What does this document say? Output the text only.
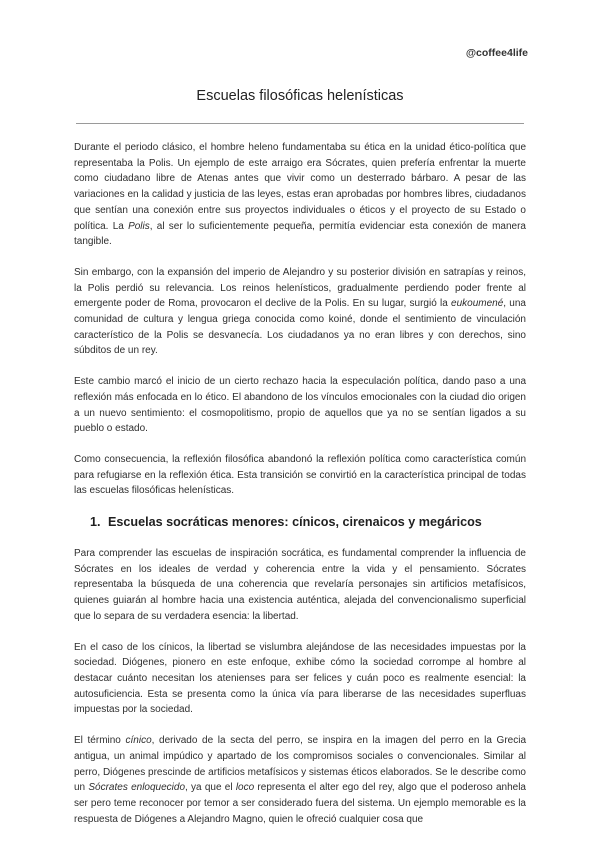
@coffee4life
Escuelas filosóficas helenísticas

Durante el periodo clásico, el hombre heleno fundamentaba su ética en la unidad ético-política que representaba la Polis. Un ejemplo de este arraigo era Sócrates, quien prefería enfrentar la muerte como ciudadano libre de Atenas antes que vivir como un desterrado bárbaro. A pesar de las variaciones en la calidad y justicia de las leyes, estas eran aprobadas por hombres libres, ciudadanos que sentían una conexión entre sus proyectos individuales o éticos y el proyecto de su Estado o política. La Polis, al ser lo suficientemente pequeña, permitía evidenciar esta conexión de manera tangible.

Sin embargo, con la expansión del imperio de Alejandro y su posterior división en satrapías y reinos, la Polis perdió su relevancia. Los reinos helenísticos, gradualmente perdiendo poder frente al emergente poder de Roma, provocaron el declive de la Polis. En su lugar, surgió la eukoumené, una comunidad de cultura y lengua griega conocida como koiné, donde el sentimiento de vinculación característico de la Polis se desvanecía. Los ciudadanos ya no eran libres y con derechos, sino súbditos de un rey.

Este cambio marcó el inicio de un cierto rechazo hacia la especulación política, dando paso a una reflexión más enfocada en lo ético. El abandono de los vínculos emocionales con la ciudad dio origen a un nuevo sentimiento: el cosmopolitismo, propio de aquellos que ya no se sentían ligados a su pueblo o estado.

Como consecuencia, la reflexión filosófica abandonó la reflexión política como característica común para refugiarse en la reflexión ética. Esta transición se convirtió en la característica principal de todas las escuelas filosóficas helenísticas.

1. Escuelas socráticas menores: cínicos, cirenaicos y megáricos

Para comprender las escuelas de inspiración socrática, es fundamental comprender la influencia de Sócrates en los ideales de verdad y coherencia entre la vida y el pensamiento. Sócrates representaba la búsqueda de una coherencia que revelaría personajes sin artificios metafísicos, quienes guiarán al hombre hacia una existencia auténtica, alejada del convencionalismo superficial que lo separa de su verdadera esencia: la libertad.

En el caso de los cínicos, la libertad se vislumbra alejándose de las necesidades impuestas por la sociedad. Diógenes, pionero en este enfoque, exhibe cómo la sociedad corrompe al hombre al destacar cuánto necesitan los atenienses para ser felices y cuán poco es realmente esencial: la autosuficiencia. Esta se presenta como la única vía para liberarse de las necesidades superfluas impuestas por la sociedad.

El término cínico, derivado de la secta del perro, se inspira en la imagen del perro en la Grecia antigua, un animal impúdico y apartado de los compromisos sociales o convencionales. Similar al perro, Diógenes prescinde de artificios metafísicos y sistemas éticos elaborados. Se le describe como un Sócrates enloquecido, ya que el loco representa el alter ego del rey, algo que el poderoso anhela ser pero teme reconocer por temor a ser considerado fuera del sistema. Un ejemplo memorable es la respuesta de Diógenes a Alejandro Magno, quien le ofreció cualquier cosa que
